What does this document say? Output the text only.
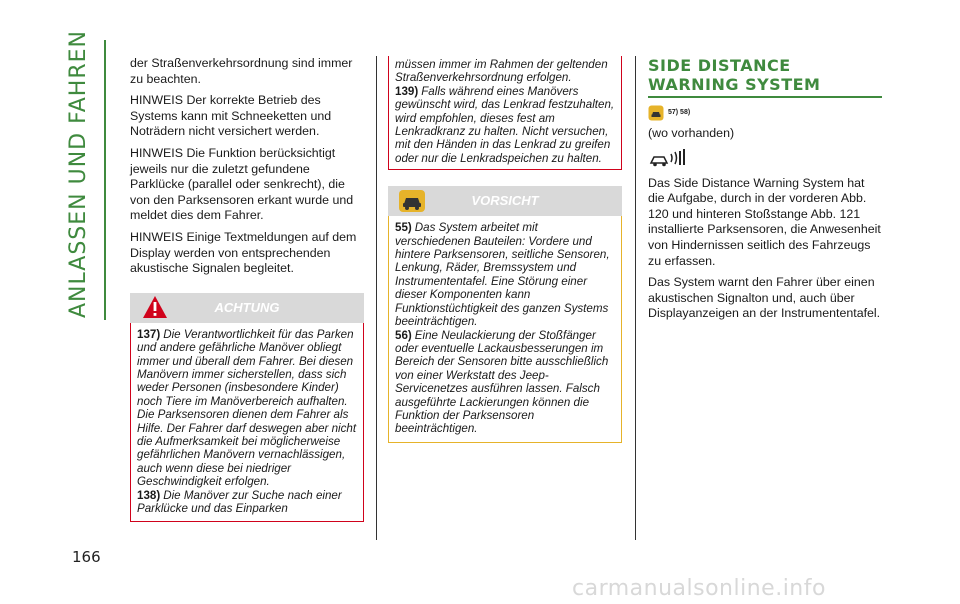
ANLASSEN UND FAHREN
166

der Straßenverkehrsordnung sind immer zu beachten.

HINWEIS Der korrekte Betrieb des Systems kann mit Schneeketten und Noträdern nicht versichert werden.

HINWEIS Die Funktion berücksichtigt jeweils nur die zuletzt gefundene Parklücke (parallel oder senkrecht), die von den Parksensoren erkant wurde und meldet dies dem Fahrer.

HINWEIS Einige Textmeldungen auf dem Display werden von entsprechenden akustische Signalen begleitet.

ACHTUNG

137) Die Verantwortlichkeit für das Parken und andere gefährliche Manöver obliegt immer und überall dem Fahrer. Bei diesen Manövern immer sicherstellen, dass sich weder Personen (insbesondere Kinder) noch Tiere im Manöverbereich aufhalten. Die Parksensoren dienen dem Fahrer als Hilfe. Der Fahrer darf deswegen aber nicht die Aufmerksamkeit bei möglicherweise gefährlichen Manövern vernachlässigen, auch wenn diese bei niedriger Geschwindigkeit erfolgen.

138) Die Manöver zur Suche nach einer Parklücke und das Einparken

müssen immer im Rahmen der geltenden Straßenverkehrsordnung erfolgen.

139) Falls während eines Manövers gewünscht wird, das Lenkrad festzuhalten, wird empfohlen, dieses fest am Lenkradkranz zu halten. Nicht versuchen, mit den Händen in das Lenkrad zu greifen oder nur die Lenkradspeichen zu halten.

VORSICHT

55) Das System arbeitet mit verschiedenen Bauteilen: Vordere und hintere Parksensoren, seitliche Sensoren, Lenkung, Räder, Bremssystem und Instrumententafel. Eine Störung einer dieser Komponenten kann Funktionstüchtigkeit des ganzen Systems beeinträchtigen.

56) Eine Neulackierung der Stoßfänger oder eventuelle Lackausbesserungen im Bereich der Sensoren bitte ausschließlich von einer Werkstatt des Jeep-Servicenetzes ausführen lassen. Falsch ausgeführte Lackierungen können die Funktion der Parksensoren beeinträchtigen.

SIDE DISTANCE WARNING SYSTEM
57) 58)

(wo vorhanden)

Das Side Distance Warning System hat die Aufgabe, durch in der vorderen Abb. 120 und hinteren Stoßstange Abb. 121 installierte Parksensoren, die Anwesenheit von Hindernissen seitlich des Fahrzeugs zu erfassen.

Das System warnt den Fahrer über einen akustischen Signalton und, auch über Displayanzeigen an der Instrumententafel.

carmanualsonline.info
